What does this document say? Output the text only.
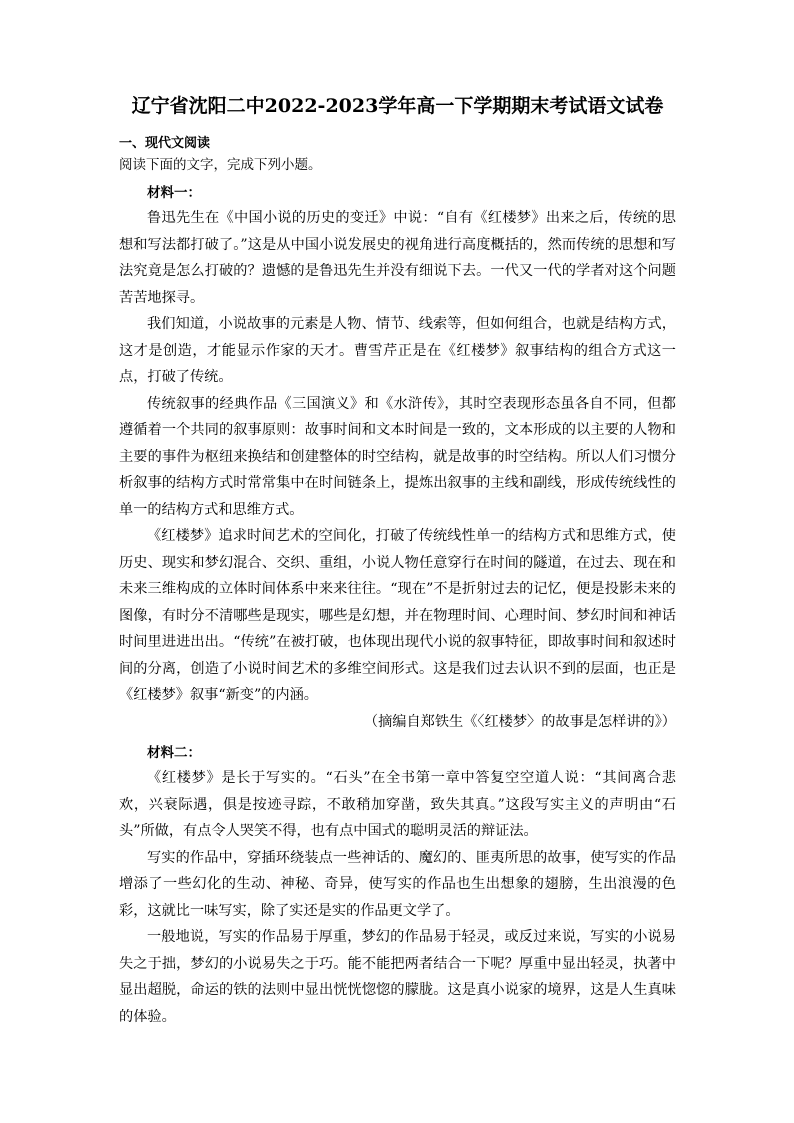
辽宁省沈阳二中2022-2023学年高一下学期期末考试语文试卷
一、现代文阅读
阅读下面的文字，完成下列小题。
材料一：

鲁迅先生在《中国小说的历史的变迁》中说：“自有《红楼梦》出来之后，传统的思想和写法都打破了。”这是从中国小说发展史的视角进行高度概括的，然而传统的思想和写法究竟是怎么打破的？遗憾的是鲁迅先生并没有细说下去。一代又一代的学者对这个问题苦苦地探寻。

我们知道，小说故事的元素是人物、情节、线索等，但如何组合，也就是结构方式，这才是创造，才能显示作家的天才。曹雪芹正是在《红楼梦》叙事结构的组合方式这一点，打破了传统。

传统叙事的经典作品《三国演义》和《水浒传》，其时空表现形态虽各自不同，但都遵循着一个共同的叙事原则：故事时间和文本时间是一致的，文本形成的以主要的人物和主要的事件为枢纽来换结和创建整体的时空结构，就是故事的时空结构。所以人们习惯分析叙事的结构方式时常常集中在时间链条上，提炼出叙事的主线和副线，形成传统线性的单一的结构方式和思维方式。

《红楼梦》追求时间艺术的空间化，打破了传统线性单一的结构方式和思维方式，使历史、现实和梦幻混合、交织、重组，小说人物任意穿行在时间的隧道，在过去、现在和未来三维构成的立体时间体系中来来往往。“现在”不是折射过去的记忆，便是投影未来的图像，有时分不清哪些是现实，哪些是幻想，并在物理时间、心理时间、梦幻时间和神话时间里进进出出。“传统”在被打破，也体现出现代小说的叙事特征，即故事时间和叙述时间的分离，创造了小说时间艺术的多维空间形式。这是我们过去认识不到的层面，也正是《红楼梦》叙事“新变”的内涵。

（摘编自郑铁生《〈红楼梦〉的故事是怎样讲的》）

材料二：

《红楼梦》是长于写实的。“石头”在全书第一章中答复空空道人说：“其间离合悲欢，兴衰际遇，俱是按迹寻踪，不敢稍加穿凿，致失其真。”这段写实主义的声明由“石头”所做，有点令人哭笑不得，也有点中国式的聪明灵活的辩证法。

写实的作品中，穿插环绕装点一些神话的、魔幻的、匪夷所思的故事，使写实的作品增添了一些幻化的生动、神秘、奇异，使写实的作品也生出想象的翅膀，生出浪漫的色彩，这就比一味写实，除了实还是实的作品更文学了。

一般地说，写实的作品易于厚重，梦幻的作品易于轻灵，或反过来说，写实的小说易失之于拙，梦幻的小说易失之于巧。能不能把两者结合一下呢？厚重中显出轻灵，执著中显出超脱，命运的铁的法则中显出恍恍惚惚的朦胧。这是真小说家的境界，这是人生真味的体验。
